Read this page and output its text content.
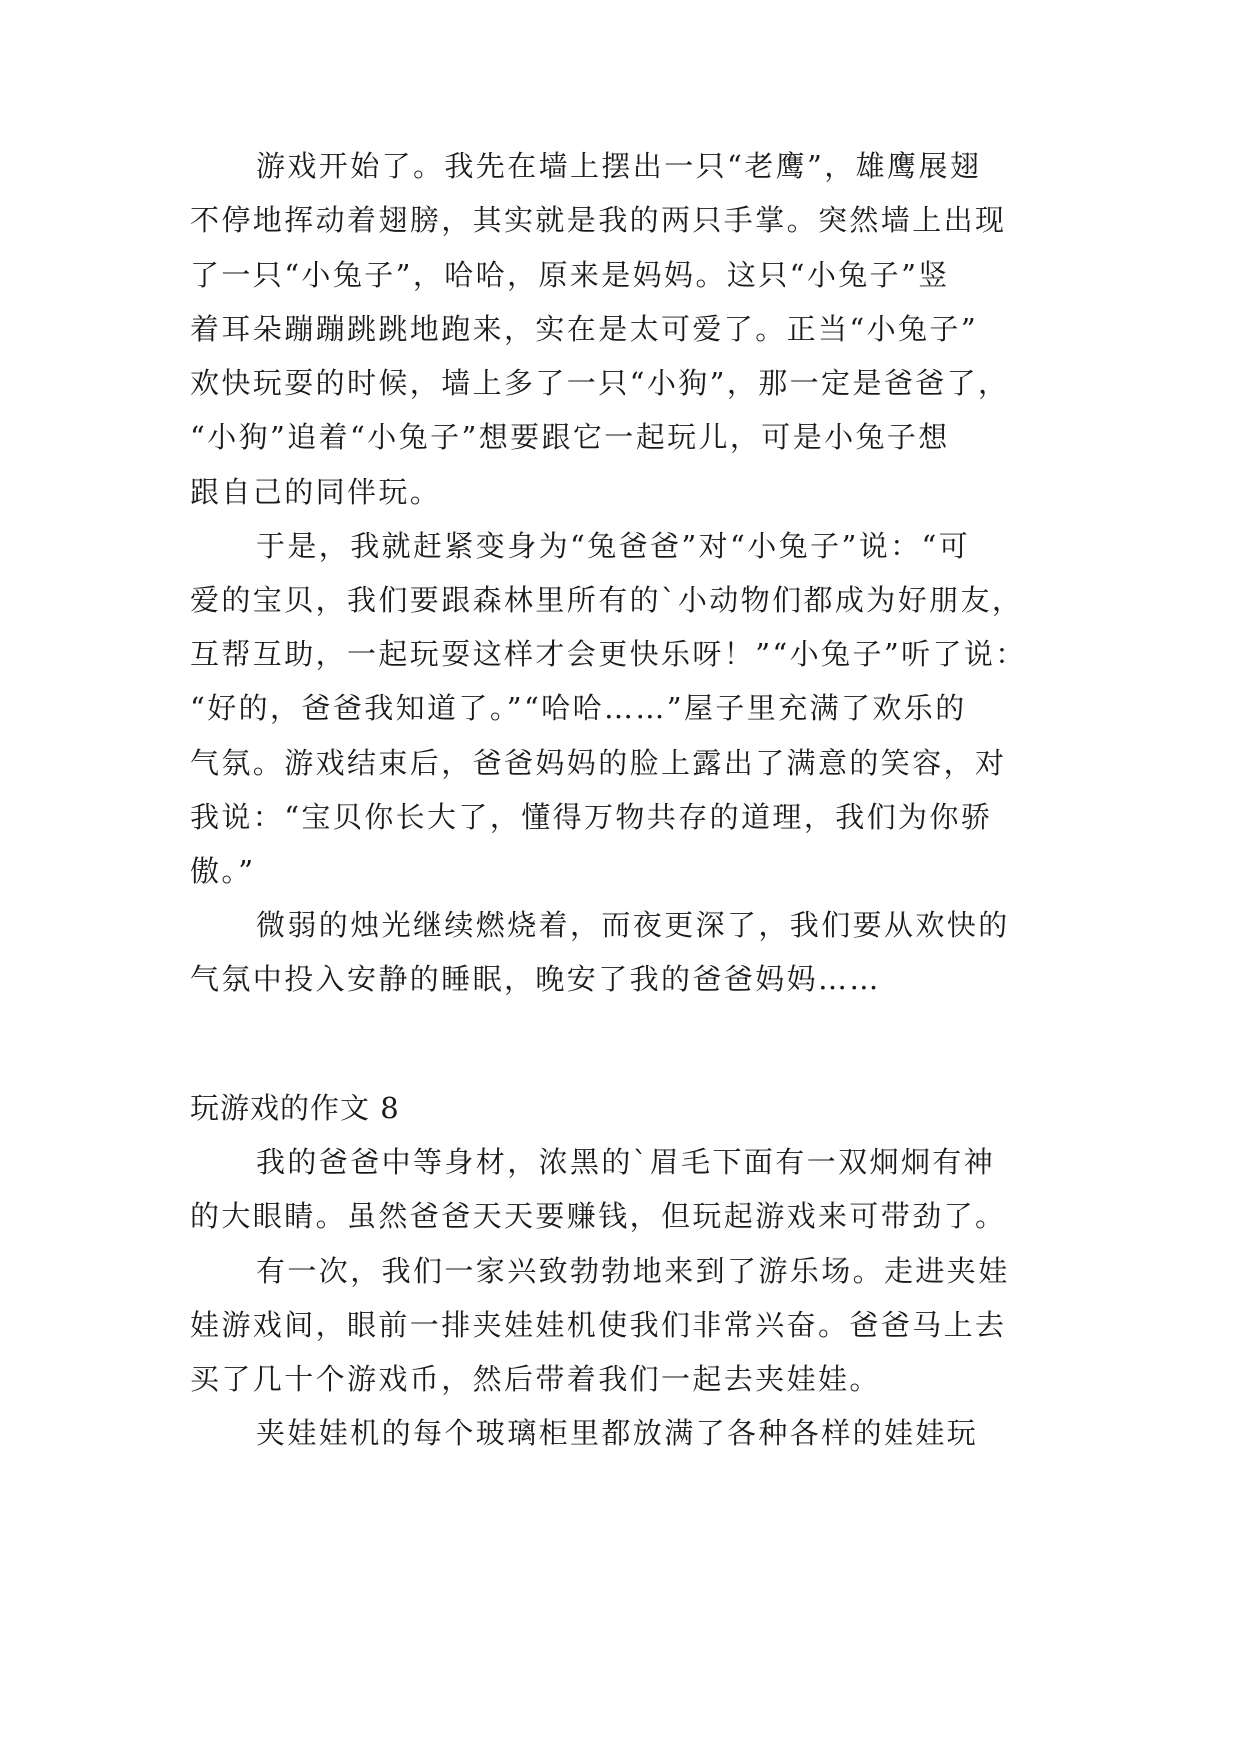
游戏开始了。我先在墙上摆出一只“老鹰”，雄鹰展翅
不停地挥动着翅膀，其实就是我的两只手掌。突然墙上出现
了一只“小兔子”，哈哈，原来是妈妈。这只“小兔子”竖
着耳朵蹦蹦跳跳地跑来，实在是太可爱了。正当“小兔子”
欢快玩耍的时候，墙上多了一只“小狗”，那一定是爸爸了，
“小狗”追着“小兔子”想要跟它一起玩儿，可是小兔子想
跟自己的同伴玩。
于是，我就赶紧变身为“兔爸爸”对“小兔子”说：“可
爱的宝贝，我们要跟森林里所有的`小动物们都成为好朋友，
互帮互助，一起玩耍这样才会更快乐呀！”“小兔子”听了说：
“好的，爸爸我知道了。”“哈哈……”屋子里充满了欢乐的
气氛。游戏结束后，爸爸妈妈的脸上露出了满意的笑容，对
我说：“宝贝你长大了，懂得万物共存的道理，我们为你骄
傲。”
微弱的烛光继续燃烧着，而夜更深了，我们要从欢快的
气氛中投入安静的睡眠，晚安了我的爸爸妈妈……
玩游戏的作文 8
我的爸爸中等身材，浓黑的`眉毛下面有一双炯炯有神
的大眼睛。虽然爸爸天天要赚钱，但玩起游戏来可带劲了。
有一次，我们一家兴致勃勃地来到了游乐场。走进夹娃
娃游戏间，眼前一排夹娃娃机使我们非常兴奋。爸爸马上去
买了几十个游戏币，然后带着我们一起去夹娃娃。
夹娃娃机的每个玻璃柜里都放满了各种各样的娃娃玩
